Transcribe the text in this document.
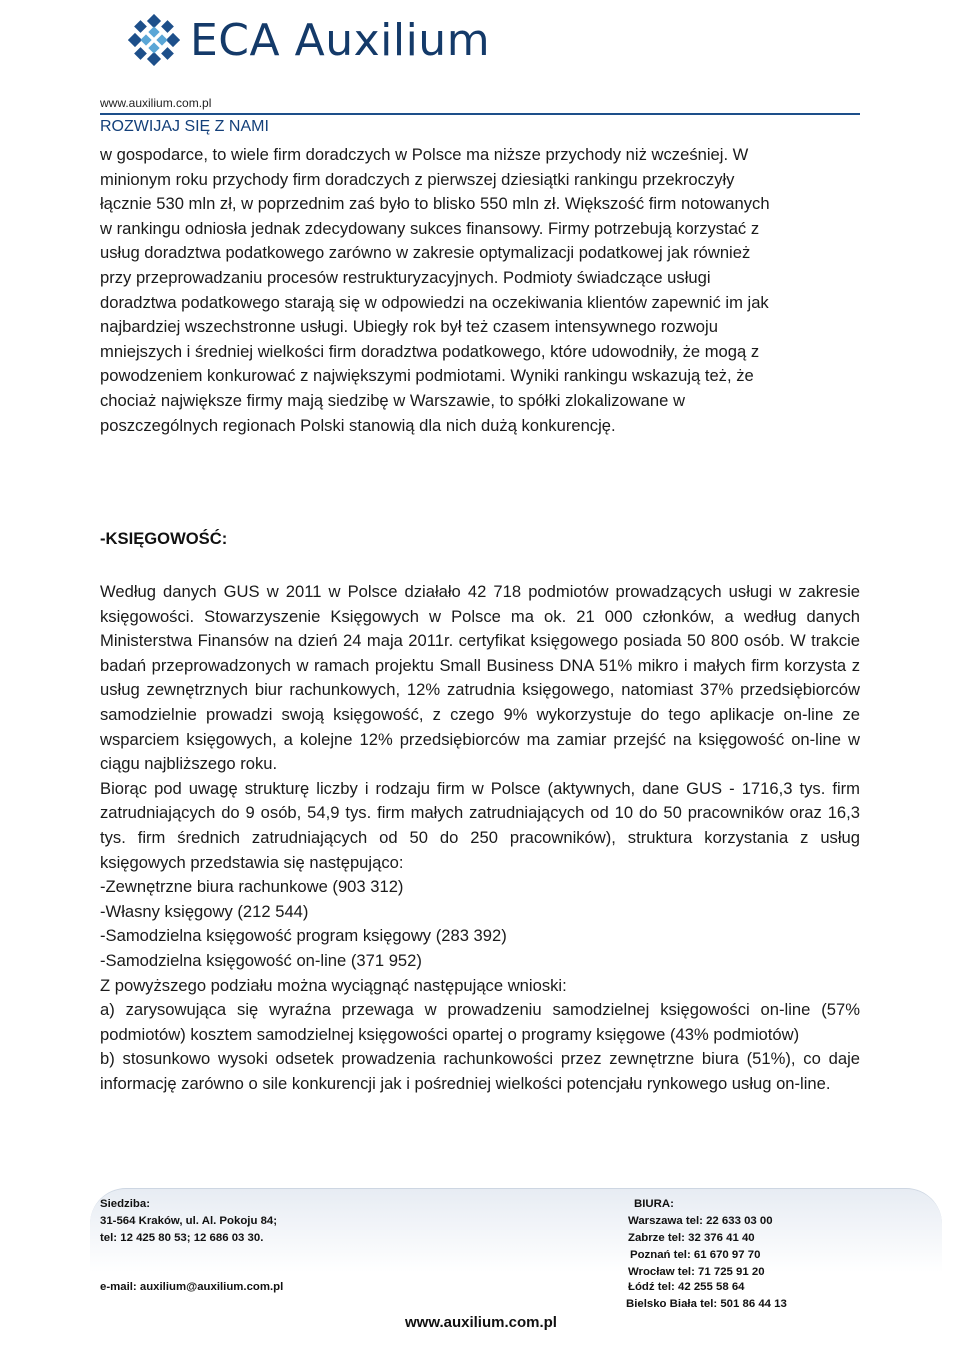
ECA Auxilium
www.auxilium.com.pl
ROZWIJAJ SIĘ Z NAMI

w gospodarce, to wiele firm doradczych w Polsce ma niższe przychody niż wcześniej. W

minionym roku przychody firm doradczych z pierwszej dziesiątki rankingu przekroczyły

łącznie 530 mln zł, w poprzednim zaś było to blisko 550 mln zł. Większość firm notowanych

w rankingu odniosła jednak zdecydowany sukces finansowy. Firmy potrzebują korzystać z

usług doradztwa podatkowego zarówno w zakresie optymalizacji podatkowej jak również

przy przeprowadzaniu procesów restrukturyzacyjnych. Podmioty świadczące usługi

doradztwa podatkowego starają się w odpowiedzi na oczekiwania klientów zapewnić im jak

najbardziej wszechstronne usługi. Ubiegły rok był też czasem intensywnego rozwoju

mniejszych i średniej wielkości firm doradztwa podatkowego, które udowodniły, że mogą z

powodzeniem konkurować z największymi podmiotami. Wyniki rankingu wskazują też, że

chociaż największe firmy mają siedzibę w Warszawie, to spółki zlokalizowane w

poszczególnych regionach Polski stanowią dla nich dużą konkurencję.

-KSIĘGOWOŚĆ:

Według danych GUS w 2011 w Polsce działało 42 718 podmiotów prowadzących usługi w zakresie księgowości. Stowarzyszenie Księgowych w Polsce ma ok. 21 000 członków, a według danych Ministerstwa Finansów na dzień 24 maja 2011r. certyfikat księgowego posiada 50 800 osób. W trakcie badań przeprowadzonych w ramach projektu Small Business DNA 51% mikro i małych firm korzysta z usług zewnętrznych biur rachunkowych, 12% zatrudnia księgowego, natomiast 37% przedsiębiorców samodzielnie prowadzi swoją księgowość, z czego 9% wykorzystuje do tego aplikacje on-line ze wsparciem księgowych, a kolejne 12% przedsiębiorców ma zamiar przejść na księgowość on-line w ciągu najbliższego roku.

Biorąc pod uwagę strukturę liczby i rodzaju firm w Polsce (aktywnych, dane GUS - 1716,3 tys. firm zatrudniających do 9 osób, 54,9 tys. firm małych zatrudniających od 10 do 50 pracowników oraz 16,3 tys. firm średnich zatrudniających od 50 do 250 pracowników), struktura korzystania z usług księgowych przedstawia się następująco:

-Zewnętrzne biura rachunkowe (903 312)

-Własny księgowy (212 544)

-Samodzielna księgowość program księgowy (283 392)

-Samodzielna księgowość on-line (371 952)

Z powyższego podziału można wyciągnąć następujące wnioski:

a) zarysowująca się wyraźna przewaga w prowadzeniu samodzielnej księgowości on-line (57% podmiotów) kosztem samodzielnej księgowości opartej o programy księgowe (43% podmiotów)

b) stosunkowo wysoki odsetek prowadzenia rachunkowości przez zewnętrzne biura (51%), co daje informację zarówno o sile konkurencji jak i pośredniej wielkości potencjału rynkowego usług on-line.

Siedziba:
31-564 Kraków, ul. Al. Pokoju 84;
tel: 12 425 80 53; 12 686 03 30.
e-mail: auxilium@auxilium.com.pl
BIURA:
Warszawa tel: 22 633 03 00
Zabrze tel: 32 376 41 40
Poznań tel: 61 670 97 70
Wrocław tel: 71 725 91 20
Łódź tel: 42 255 58 64
Bielsko Biała tel: 501 86 44 13
www.auxilium.com.pl
